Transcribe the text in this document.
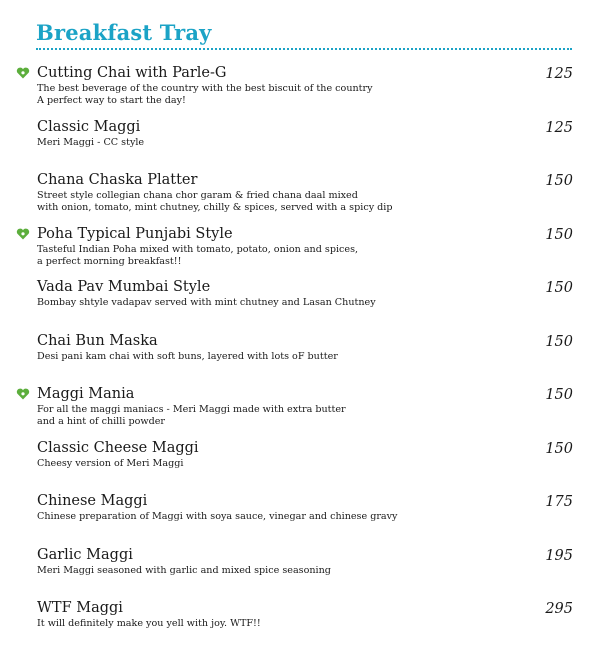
Breakfast Tray
Cutting Chai with Parle-G
The best beverage of the country with the best biscuit of the country
A perfect way to start the day!
125
Classic Maggi
Meri Maggi - CC style
125
Chana Chaska Platter
Street style collegian chana chor garam & fried chana daal mixed
with onion, tomato, mint chutney, chilly & spices, served with a spicy dip
150
Poha Typical Punjabi Style
Tasteful Indian Poha mixed with tomato, potato, onion and spices,
a perfect morning breakfast!!
150
Vada Pav Mumbai Style
Bombay shtyle vadapav served with mint chutney and Lasan Chutney
150
Chai Bun Maska
Desi pani kam chai with soft buns, layered with lots oF butter
150
Maggi Mania
For all the maggi maniacs - Meri Maggi made with extra butter
and a hint of chilli powder
150
Classic Cheese Maggi
Cheesy version of Meri Maggi
150
Chinese Maggi
Chinese preparation of Maggi with soya sauce, vinegar and chinese gravy
175
Garlic Maggi
Meri Maggi seasoned with garlic and mixed spice seasoning
195
WTF Maggi
It will definitely make you yell with joy. WTF!!
295
